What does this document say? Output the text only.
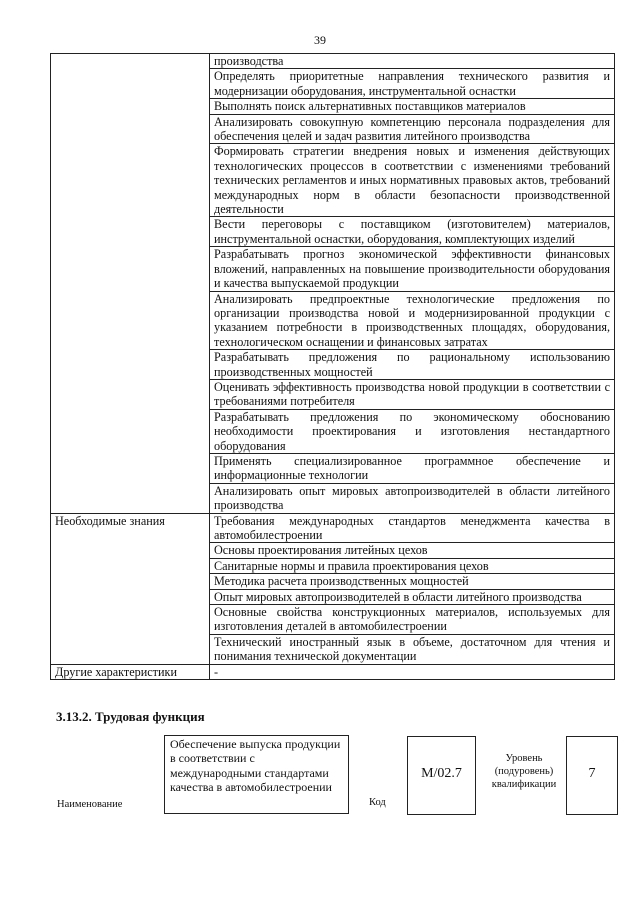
39
	производства
	Определять приоритетные направления технического развития и модернизации оборудования, инструментальной оснастки
	Выполнять поиск альтернативных поставщиков материалов
	Анализировать совокупную компетенцию персонала подразделения для обеспечения целей и задач развития литейного производства
	Формировать стратегии внедрения новых и изменения действующих технологических процессов в соответствии с изменениями требований технических регламентов и иных нормативных правовых актов, требований международных норм в области безопасности производственной деятельности
	Вести переговоры с поставщиком (изготовителем) материалов, инструментальной оснастки, оборудования, комплектующих изделий
	Разрабатывать прогноз экономической эффективности финансовых вложений, направленных на повышение производительности оборудования и качества выпускаемой продукции
	Анализировать предпроектные технологические предложения по организации производства новой и модернизированной продукции с указанием потребности в производственных площадях, оборудования, технологическом оснащении и финансовых затратах
	Разрабатывать предложения по рациональному использованию производственных мощностей
	Оценивать эффективность производства новой продукции в соответствии с требованиями потребителя
	Разрабатывать предложения по экономическому обоснованию необходимости проектирования и изготовления нестандартного оборудования
	Применять специализированное программное обеспечение и информационные технологии
	Анализировать опыт мировых автопроизводителей в области литейного производства
Необходимые знания	Требования международных стандартов менеджмента качества в автомобилестроении
	Основы проектирования литейных цехов
	Санитарные нормы и правила проектирования цехов
	Методика расчета производственных мощностей
	Опыт мировых автопроизводителей в области литейного производства
	Основные свойства конструкционных материалов, используемых для изготовления деталей в автомобилестроении
	Технический иностранный язык в объеме, достаточном для чтения и понимания технической документации
Другие характеристики	-
3.13.2. Трудовая функция
Наименование
Обеспечение выпуска продукции в соответствии с международными стандартами качества в автомобилестроении
Код
M/02.7
Уровень (подуровень) квалификации
7
